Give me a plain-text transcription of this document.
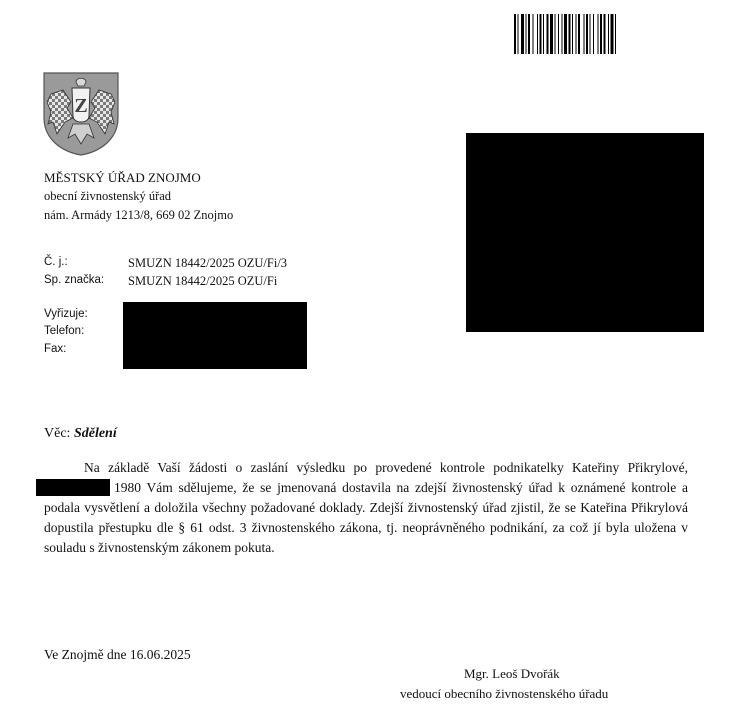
Z
MĚSTSKÝ ÚŘAD ZNOJMO
obecní živnostenský úřad
nám. Armády 1213/8, 669 02 Znojmo
Č. j.:	SMUZN 18442/2025 OZU/Fi/3
Sp. značka: SMUZN 18442/2025 OZU/Fi
Vyřizuje:
Telefon:
Fax:
Věc: Sdělení

Na základě Vaší žádosti o zaslání výsledku po provedené kontrole podnikatelky Kateřiny Přikrylové, 1980 Vám sdělujeme, že se jmenovaná dostavila na zdejší živnostenský úřad k oznámené kontrole a podala vysvětlení a doložila všechny požadované doklady. Zdejší živnostenský úřad zjistil, že se Kateřina Přikrylová dopustila přestupku dle § 61 odst. 3 živnostenského zákona, tj. neoprávněného podnikání, za což jí byla uložena v souladu s živnostenským zákonem pokuta.

Ve Znojmě dne 16.06.2025
Mgr. Leoš Dvořák
vedoucí obecního živnostenského úřadu
